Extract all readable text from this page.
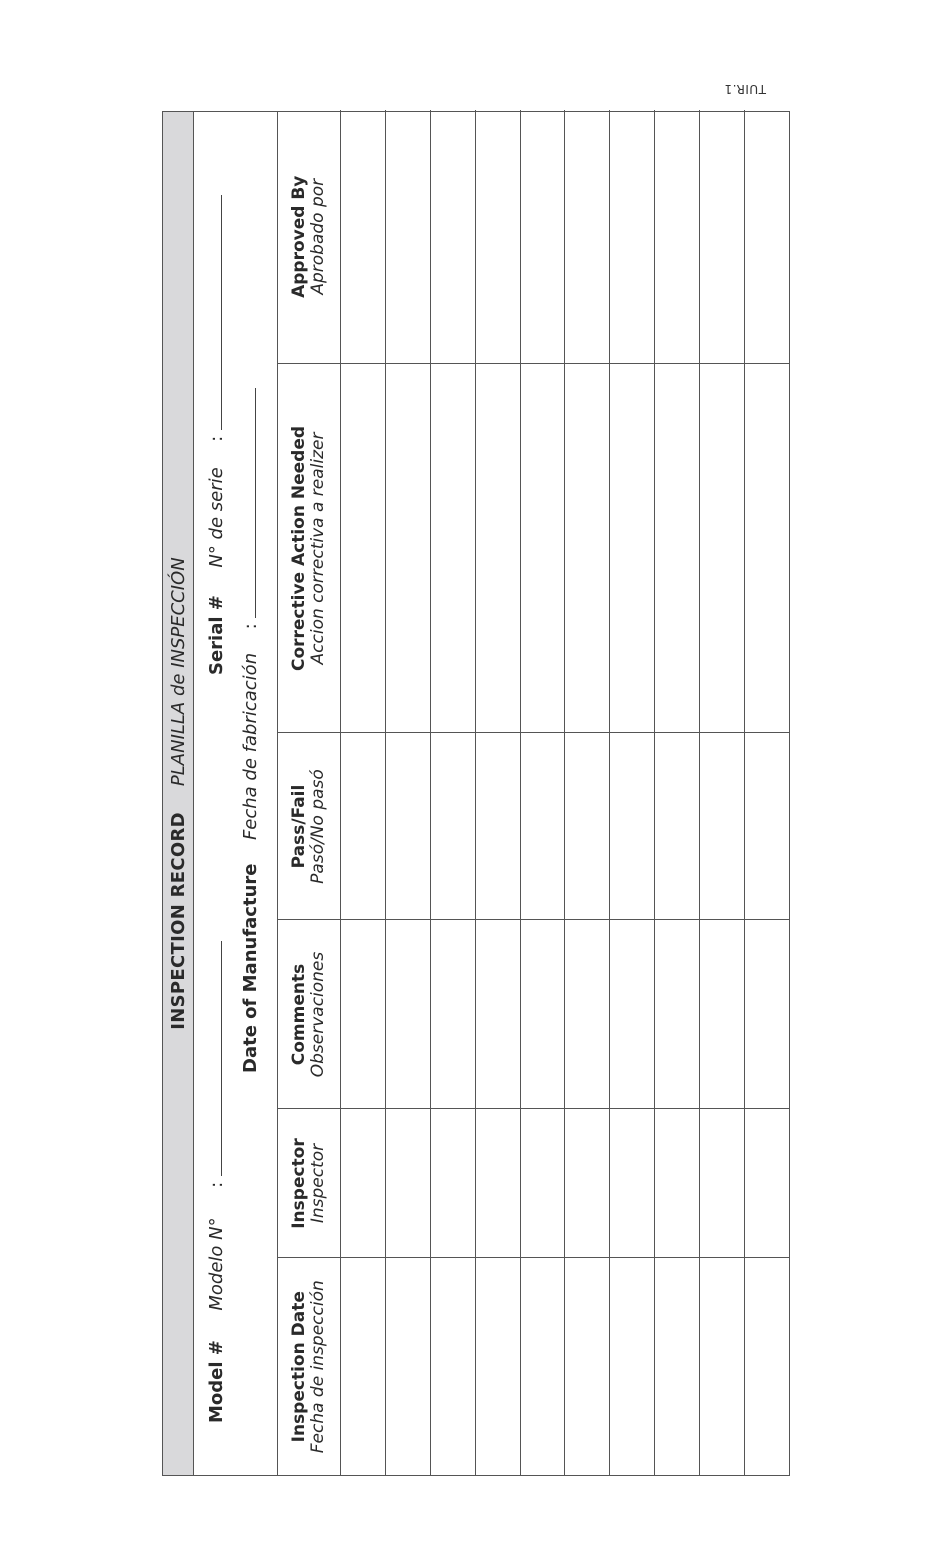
TUIR.1
INSPECTION RECORD
PLANILLA de INSPECCIÓN
Model #  Modelo N°  :
Serial #  N° de serie  :
Date of Manufacture  Fecha de fabricación  :
Inspection Date Fecha de inspección	Inspector Inspector	Comments Observaciones	Pass/Fail Pasó/No pasó	Corrective Action Needed Accion correctiva a realizer	Approved By Aprobado por
